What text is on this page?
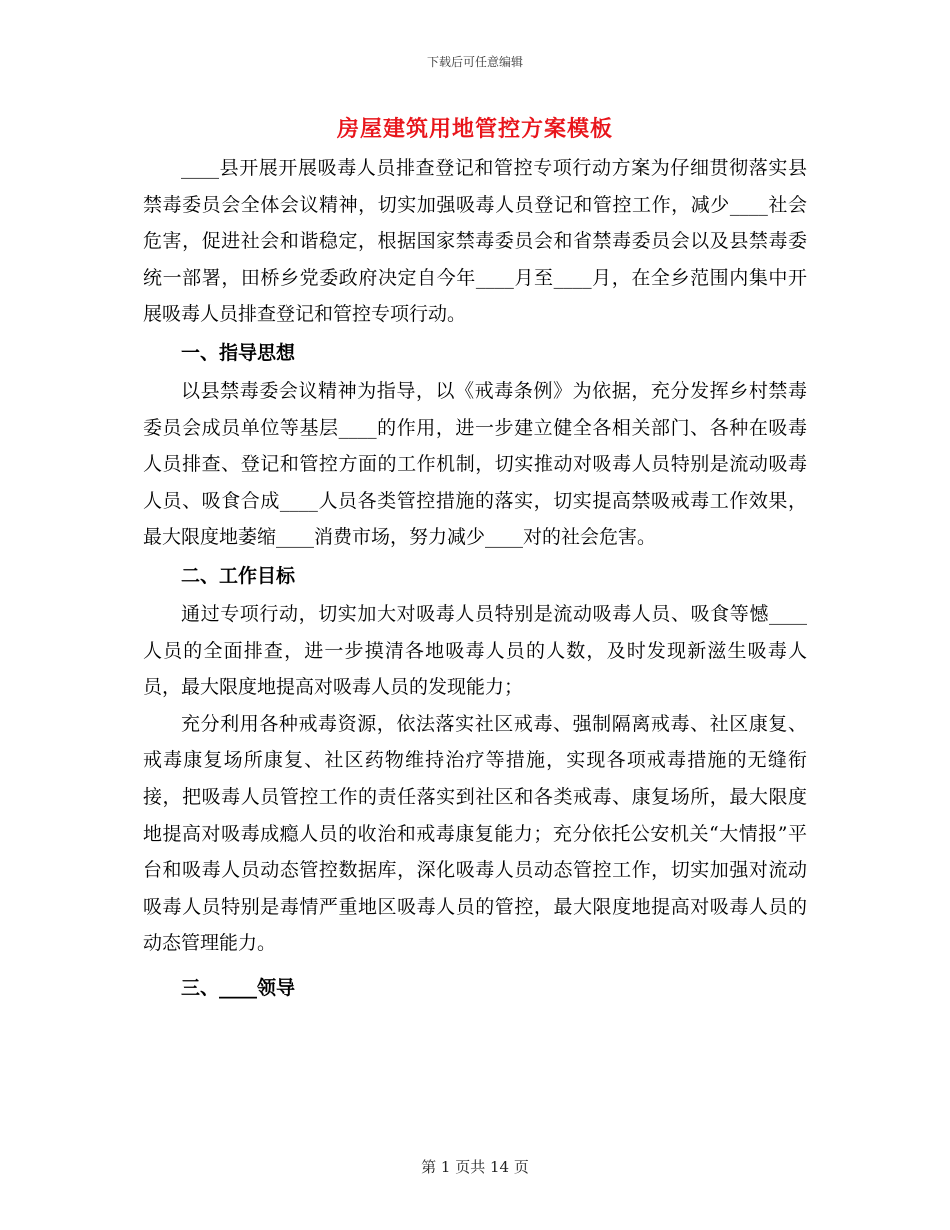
下载后可任意编辑
房屋建筑用地管控方案模板

____县开展开展吸毒人员排查登记和管控专项行动方案为仔细贯彻落实县禁毒委员会全体会议精神，切实加强吸毒人员登记和管控工作，减少____社会危害，促进社会和谐稳定，根据国家禁毒委员会和省禁毒委员会以及县禁毒委统一部署，田桥乡党委政府决定自今年____月至____月，在全乡范围内集中开展吸毒人员排查登记和管控专项行动。

一、指导思想

以县禁毒委会议精神为指导，以《戒毒条例》为依据，充分发挥乡村禁毒委员会成员单位等基层____的作用，进一步建立健全各相关部门、各种在吸毒人员排查、登记和管控方面的工作机制，切实推动对吸毒人员特别是流动吸毒人员、吸食合成____人员各类管控措施的落实，切实提高禁吸戒毒工作效果，最大限度地萎缩____消费市场，努力减少____对的社会危害。

二、工作目标

通过专项行动，切实加大对吸毒人员特别是流动吸毒人员、吸食等憾____人员的全面排查，进一步摸清各地吸毒人员的人数，及时发现新滋生吸毒人员，最大限度地提高对吸毒人员的发现能力；

充分利用各种戒毒资源，依法落实社区戒毒、强制隔离戒毒、社区康复、戒毒康复场所康复、社区药物维持治疗等措施，实现各项戒毒措施的无缝衔接，把吸毒人员管控工作的责任落实到社区和各类戒毒、康复场所，最大限度地提高对吸毒成瘾人员的收治和戒毒康复能力；充分依托公安机关“大情报”平台和吸毒人员动态管控数据库，深化吸毒人员动态管控工作，切实加强对流动吸毒人员特别是毒情严重地区吸毒人员的管控，最大限度地提高对吸毒人员的动态管理能力。

三、____领导

第 1 页共 14 页
